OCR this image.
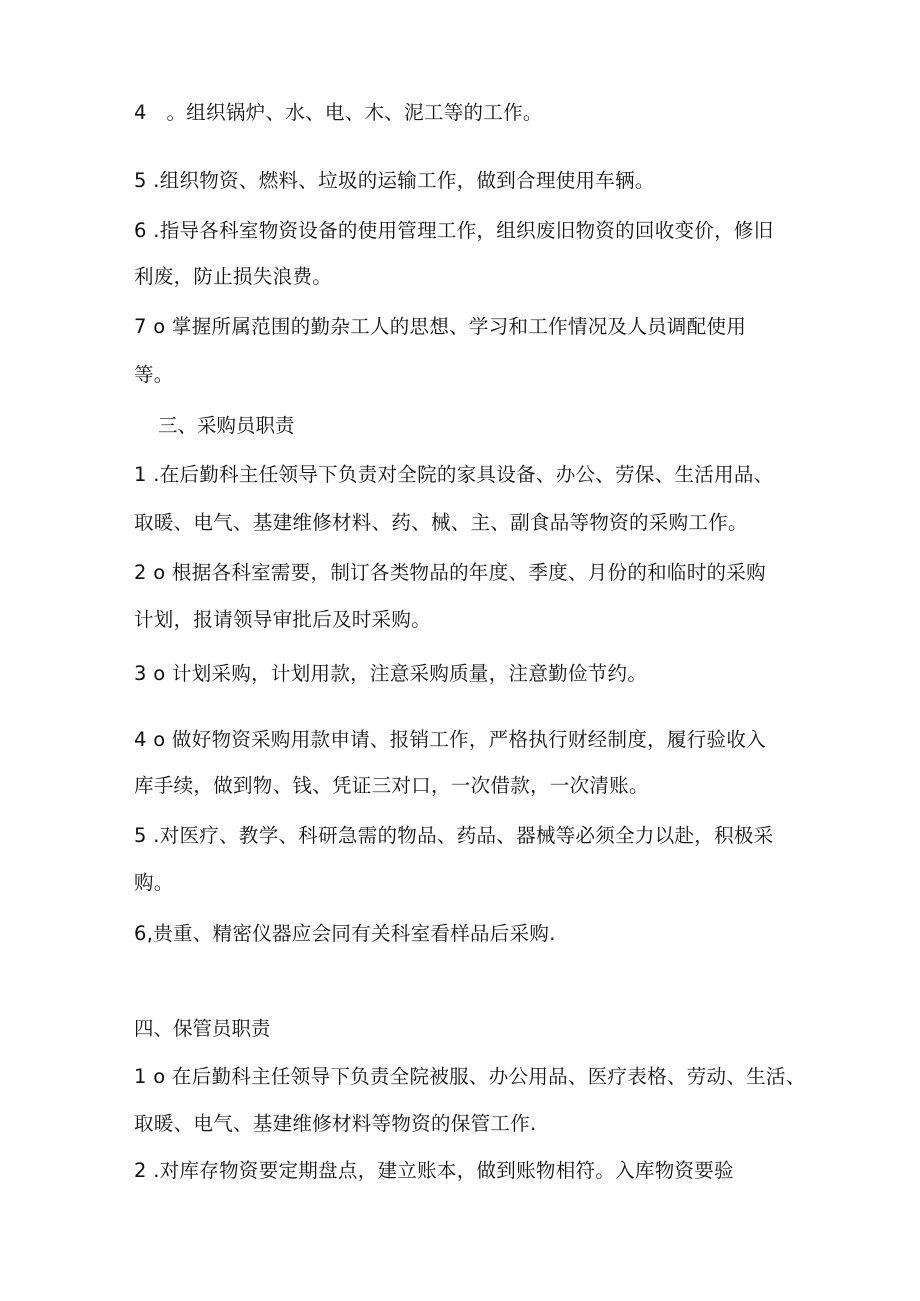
4　。组织锅炉、水、电、木、泥工等的工作。
5 .组织物资、燃料、垃圾的运输工作，做到合理使用车辆。
6 .指导各科室物资设备的使用管理工作，组织废旧物资的回收变价，修旧
利废，防止损失浪费。
7 o 掌握所属范围的勤杂工人的思想、学习和工作情况及人员调配使用
等。
三、采购员职责
1 .在后勤科主任领导下负责对全院的家具设备、办公、劳保、生活用品、
取暖、电气、基建维修材料、药、械、主、副食品等物资的采购工作。
2 o 根据各科室需要，制订各类物品的年度、季度、月份的和临时的采购
计划，报请领导审批后及时采购。
3 o 计划采购，计划用款，注意采购质量，注意勤俭节约。
4 o 做好物资采购用款申请、报销工作，严格执行财经制度，履行验收入
库手续，做到物、钱、凭证三对口，一次借款，一次清账。
5 .对医疗、教学、科研急需的物品、药品、器械等必须全力以赴，积极采
购。
6,贵重、精密仪器应会同有关科室看样品后采购.
四、保管员职责
1 o 在后勤科主任领导下负责全院被服、办公用品、医疗表格、劳动、生活、
取暖、电气、基建维修材料等物资的保管工作.
2 .对库存物资要定期盘点，建立账本，做到账物相符。入库物资要验
